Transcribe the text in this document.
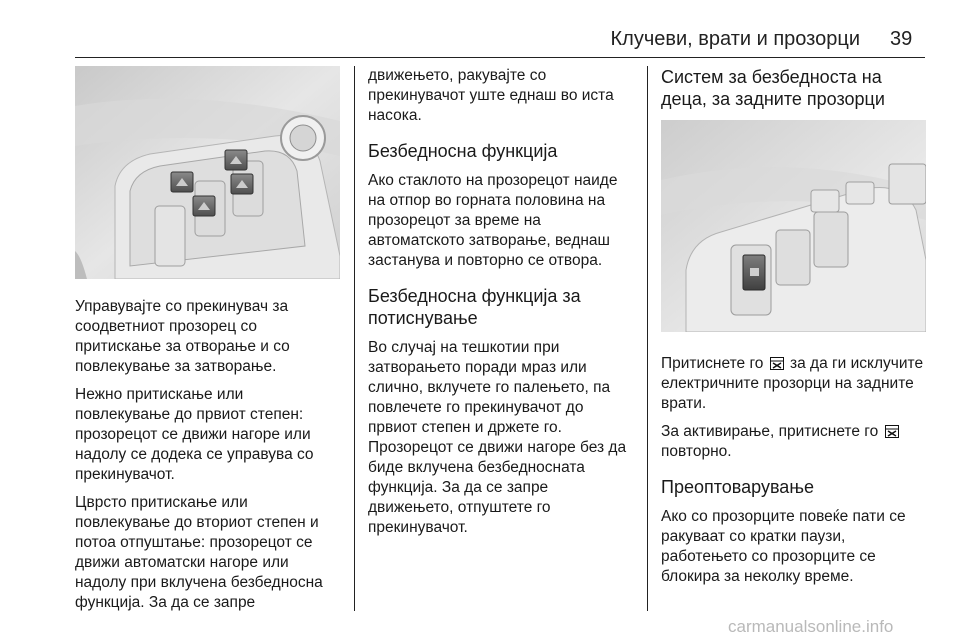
Клучеви, врати и прозорци 39

Управувајте со прекинувач за соодветниот прозорец со притискање за отворање и со повлекување за затворање.

Нежно притискање или повлекување до првиот степен: прозорецот се движи нагоре или надолу се додека се управува со прекинувачот.

Цврсто притискање или повлекување до вториот степен и потоа отпуштање: прозорецот се движи автоматски нагоре или надолу при вклучена безбедносна функција. За да се запре

движењето, ракувајте со прекинувачот уште еднаш во иста насока.

Безбедносна функција

Ако стаклото на прозорецот наиде на отпор во горната половина на прозорецот за време на автоматското затворање, веднаш застанува и повторно се отвора.

Безбедносна функција за потиснување

Во случај на тешкотии при затворањето поради мраз или слично, вклучете го палењето, па повлечете го прекинувачот до првиот степен и држете го. Прозорецот се движи нагоре без да биде вклучена безбедносната функција. За да се запре движењето, отпуштете го прекинувачот.

Систем за безбедноста на деца, за задните прозорци

Притиснете го за да ги исклучите електричните прозорци на задните врати.

За активирање, притиснете го  повторно.

Преоптоварување

Ако со прозорците повеќе пати се ракуваат со кратки паузи, работењето со прозорците се блокира за неколку време.

carmanualsonline.info
